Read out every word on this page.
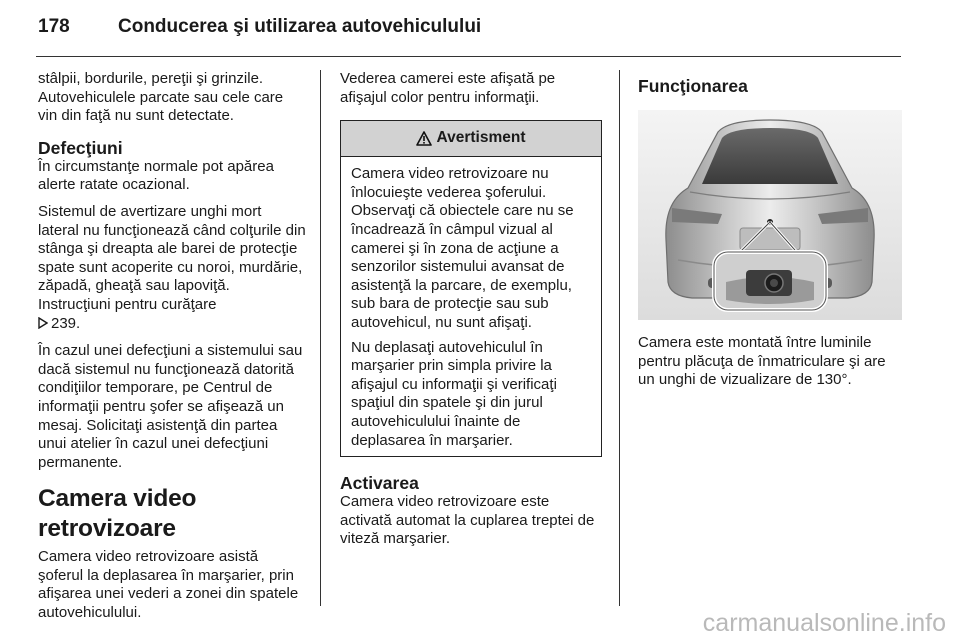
178	Conducerea şi utilizarea autovehiculului

stâlpii, bordurile, pereţii şi grinzile. Autovehiculele parcate sau cele care vin din faţă nu sunt detectate.

Defecţiuni

În circumstanţe normale pot apărea alerte ratate ocazional.

Sistemul de avertizare unghi mort lateral nu funcţionează când colţurile din stânga şi dreapta ale barei de protecţie spate sunt acoperite cu noroi, murdărie, zăpadă, gheaţă sau lapoviţă. Instrucţiuni pentru curăţare
239.

În cazul unei defecţiuni a sistemului sau dacă sistemul nu funcţionează datorită condiţiilor temporare, pe Centrul de informaţii pentru şofer se afişează un mesaj. Solicitaţi asistenţă din partea unui atelier în cazul unei defecţiuni permanente.

Camera video retrovizoare

Camera video retrovizoare asistă şoferul la deplasarea în marşarier, prin afişarea unei vederi a zonei din spatele autovehiculului.

Vederea camerei este afişată pe afişajul color pentru informaţii.

Avertisment

Camera video retrovizoare nu înlocuieşte vederea şoferului. Observaţi că obiectele care nu se încadrează în câmpul vizual al camerei şi în zona de acţiune a senzorilor sistemului avansat de asistenţă la parcare, de exemplu, sub bara de protecţie sau sub autovehicul, nu sunt afişaţi.

Nu deplasaţi autovehiculul în marşarier prin simpla privire la afişajul cu informaţii şi verificaţi spaţiul din spatele şi din jurul autovehiculului înainte de deplasarea în marşarier.

Activarea

Camera video retrovizoare este activată automat la cuplarea treptei de viteză marşarier.

Funcţionarea

Camera este montată între luminile pentru plăcuţa de înmatriculare şi are un unghi de vizualizare de 130°.

carmanualsonline.info
